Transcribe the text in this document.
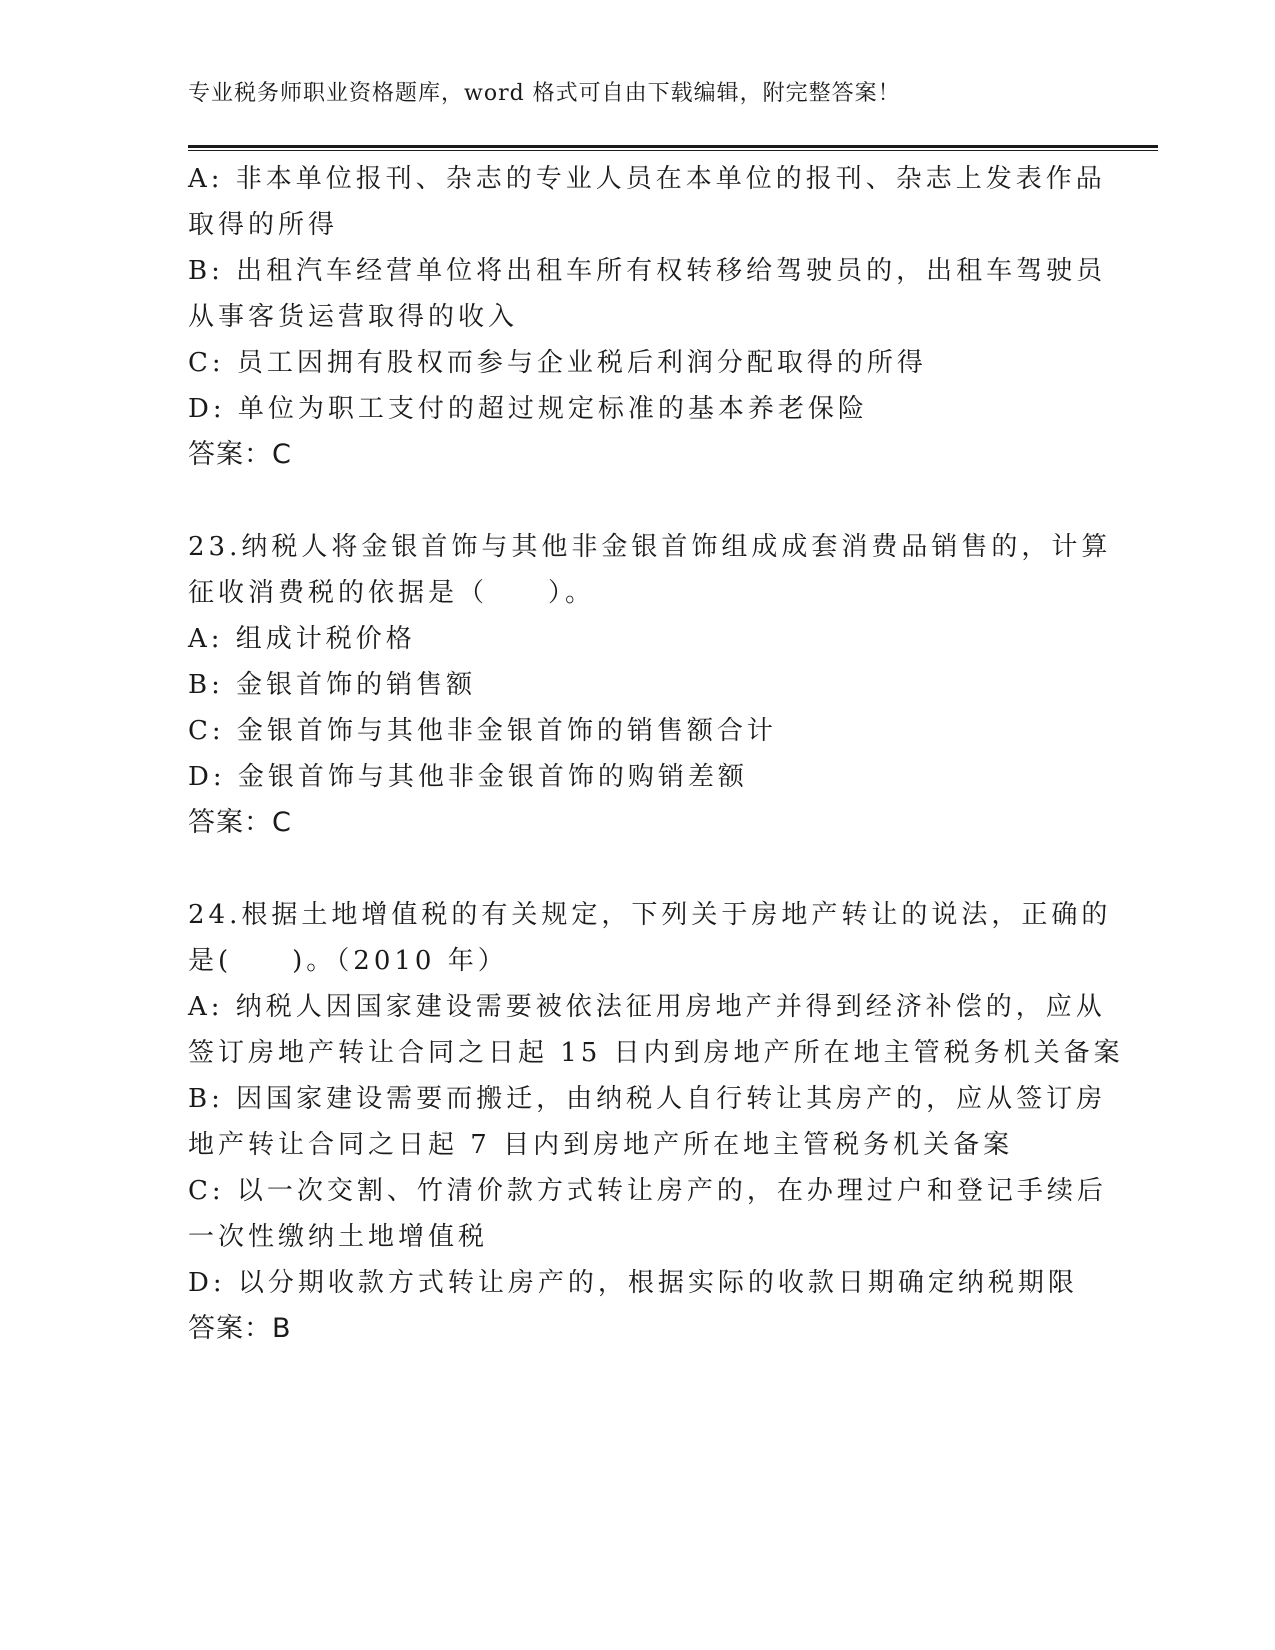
专业税务师职业资格题库，word 格式可自由下载编辑，附完整答案！

A: 非本单位报刊、杂志的专业人员在本单位的报刊、杂志上发表作品

取得的所得

B: 出租汽车经营单位将出租车所有权转移给驾驶员的，出租车驾驶员

从事客货运营取得的收入

C: 员工因拥有股权而参与企业税后利润分配取得的所得

D: 单位为职工支付的超过规定标准的基本养老保险

答案：C

23.纳税人将金银首饰与其他非金银首饰组成成套消费品销售的，计算

征收消费税的依据是（　　）。

A: 组成计税价格

B: 金银首饰的销售额

C: 金银首饰与其他非金银首饰的销售额合计

D: 金银首饰与其他非金银首饰的购销差额

答案：C

24.根据土地增值税的有关规定，下列关于房地产转让的说法，正确的

是(　　)。（2010 年）

A: 纳税人因国家建设需要被依法征用房地产并得到经济补偿的，应从

签订房地产转让合同之日起 15 日内到房地产所在地主管税务机关备案

B: 因国家建设需要而搬迁，由纳税人自行转让其房产的，应从签订房

地产转让合同之日起 7 目内到房地产所在地主管税务机关备案

C: 以一次交割、竹清价款方式转让房产的，在办理过户和登记手续后

一次性缴纳土地增值税

D: 以分期收款方式转让房产的，根据实际的收款日期确定纳税期限

答案：B
